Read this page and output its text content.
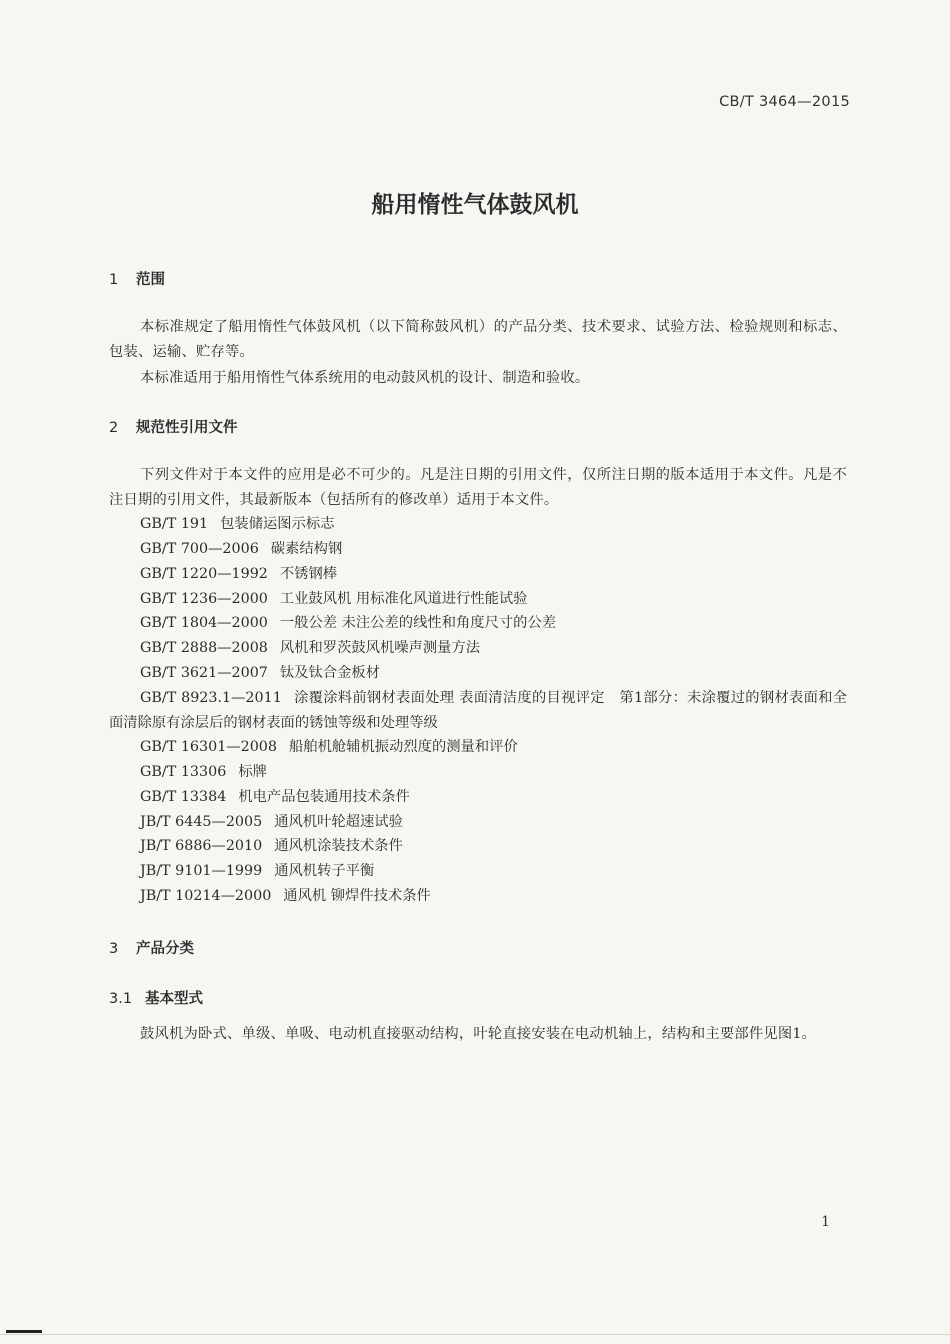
CB/T 3464—2015
船用惰性气体鼓风机
1 范围
本标准规定了船用惰性气体鼓风机（以下简称鼓风机）的产品分类、技术要求、试验方法、检验规则和标志、包装、运输、贮存等。
本标准适用于船用惰性气体系统用的电动鼓风机的设计、制造和验收。
2 规范性引用文件
下列文件对于本文件的应用是必不可少的。凡是注日期的引用文件，仅所注日期的版本适用于本文件。凡是不注日期的引用文件，其最新版本（包括所有的修改单）适用于本文件。
GB/T 191 包装储运图示标志
GB/T 700—2006 碳素结构钢
GB/T 1220—1992 不锈钢棒
GB/T 1236—2000 工业鼓风机 用标准化风道进行性能试验
GB/T 1804—2000 一般公差 未注公差的线性和角度尺寸的公差
GB/T 2888—2008 风机和罗茨鼓风机噪声测量方法
GB/T 3621—2007 钛及钛合金板材
GB/T 8923.1—2011 涂覆涂料前钢材表面处理 表面清洁度的目视评定　第1部分：未涂覆过的钢材表面和全面清除原有涂层后的钢材表面的锈蚀等级和处理等级
GB/T 16301—2008 船舶机舱辅机振动烈度的测量和评价
GB/T 13306 标牌
GB/T 13384 机电产品包装通用技术条件
JB/T 6445—2005 通风机叶轮超速试验
JB/T 6886—2010 通风机涂装技术条件
JB/T 9101—1999 通风机转子平衡
JB/T 10214—2000 通风机 铆焊件技术条件
3 产品分类
3.1 基本型式
鼓风机为卧式、单级、单吸、电动机直接驱动结构，叶轮直接安装在电动机轴上，结构和主要部件见图1。
1
